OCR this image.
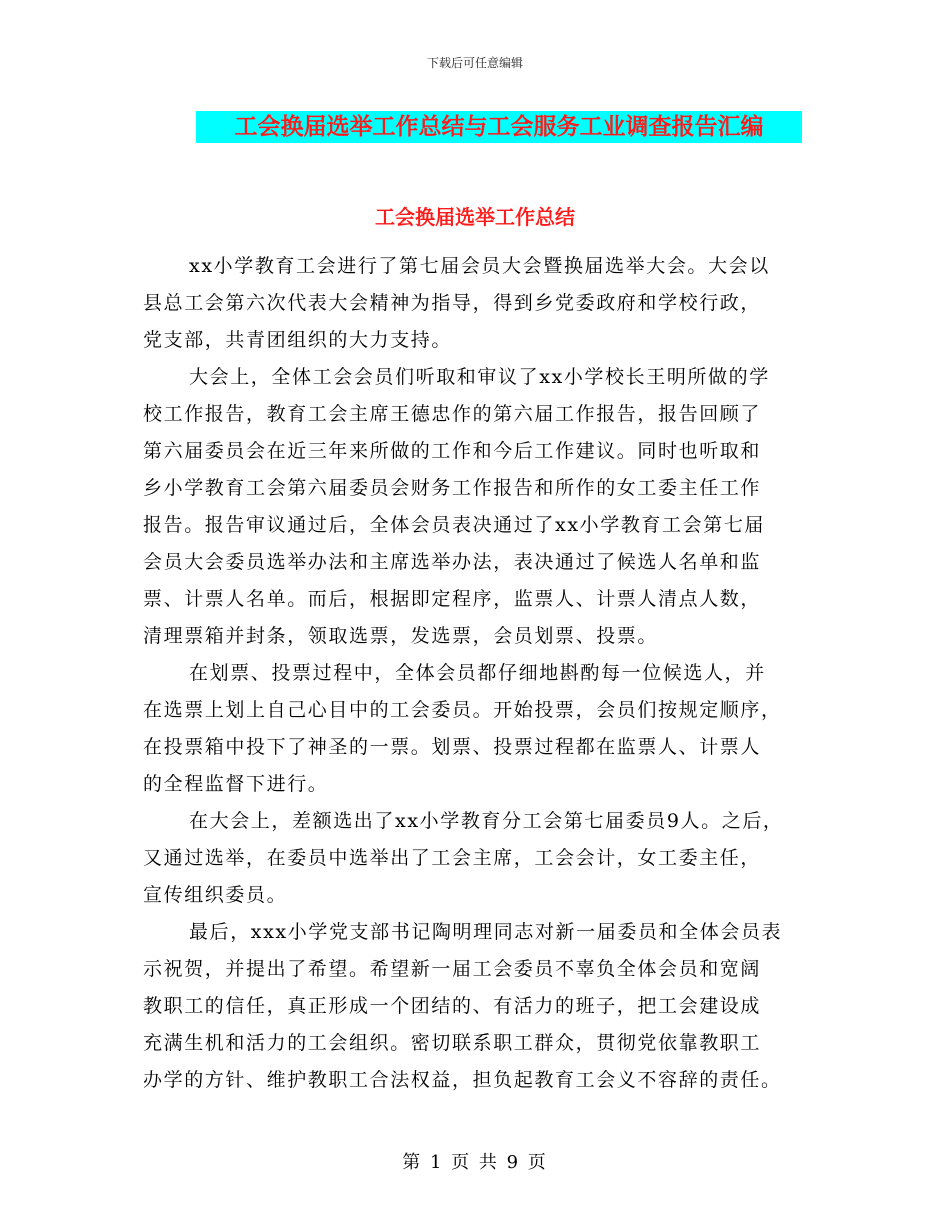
下载后可任意编辑
工会换届选举工作总结与工会服务工业调查报告汇编
工会换届选举工作总结
xx小学教育工会进行了第七届会员大会暨换届选举大会。大会以
县总工会第六次代表大会精神为指导，得到乡党委政府和学校行政，
党支部，共青团组织的大力支持。
大会上，全体工会会员们听取和审议了xx小学校长王明所做的学
校工作报告，教育工会主席王德忠作的第六届工作报告，报告回顾了
第六届委员会在近三年来所做的工作和今后工作建议。同时也听取和
乡小学教育工会第六届委员会财务工作报告和所作的女工委主任工作
报告。报告审议通过后，全体会员表决通过了xx小学教育工会第七届
会员大会委员选举办法和主席选举办法，表决通过了候选人名单和监
票、计票人名单。而后，根据即定程序，监票人、计票人清点人数，
清理票箱并封条，领取选票，发选票，会员划票、投票。
在划票、投票过程中，全体会员都仔细地斟酌每一位候选人，并
在选票上划上自己心目中的工会委员。开始投票，会员们按规定顺序，
在投票箱中投下了神圣的一票。划票、投票过程都在监票人、计票人
的全程监督下进行。
在大会上，差额选出了xx小学教育分工会第七届委员9人。之后，
又通过选举，在委员中选举出了工会主席，工会会计，女工委主任，
宣传组织委员。
最后，xxx小学党支部书记陶明理同志对新一届委员和全体会员表
示祝贺，并提出了希望。希望新一届工会委员不辜负全体会员和宽阔
教职工的信任，真正形成一个团结的、有活力的班子，把工会建设成
充满生机和活力的工会组织。密切联系职工群众，贯彻党依靠教职工
办学的方针、维护教职工合法权益，担负起教育工会义不容辞的责任。
第 1 页 共 9 页
